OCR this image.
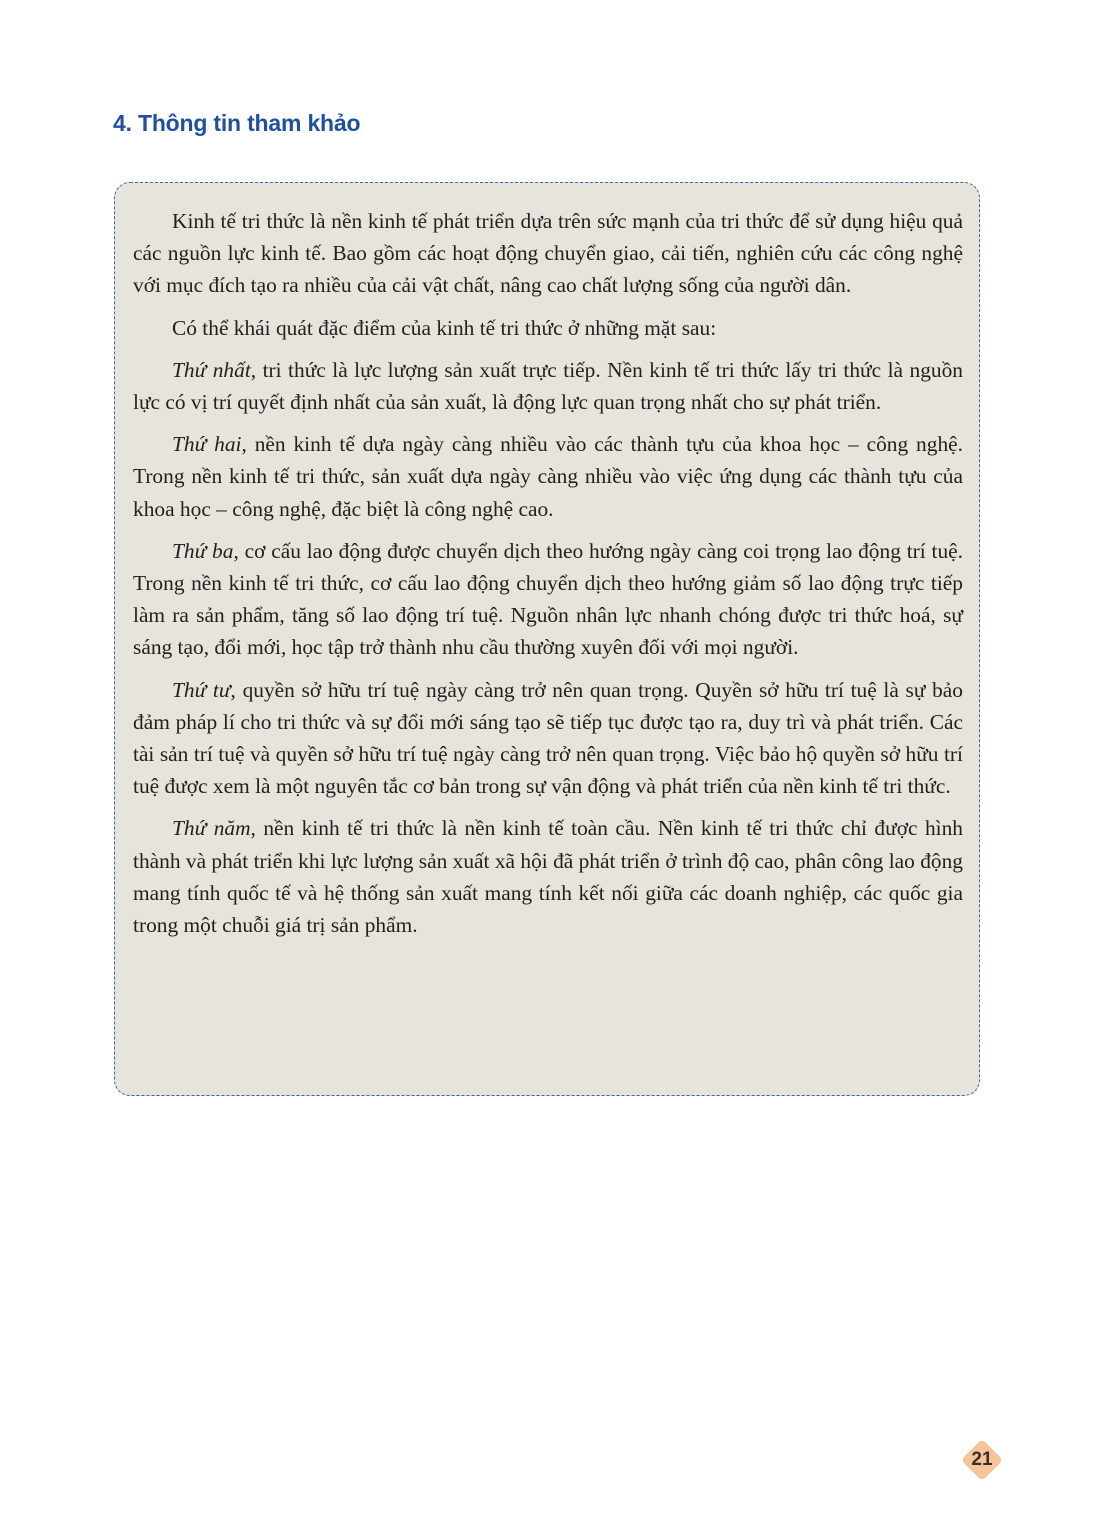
4. Thông tin tham khảo

Kinh tế tri thức là nền kinh tế phát triển dựa trên sức mạnh của tri thức để sử dụng hiệu quả các nguồn lực kinh tế. Bao gồm các hoạt động chuyển giao, cải tiến, nghiên cứu các công nghệ với mục đích tạo ra nhiều của cải vật chất, nâng cao chất lượng sống của người dân.

Có thể khái quát đặc điểm của kinh tế tri thức ở những mặt sau:

Thứ nhất, tri thức là lực lượng sản xuất trực tiếp. Nền kinh tế tri thức lấy tri thức là nguồn lực có vị trí quyết định nhất của sản xuất, là động lực quan trọng nhất cho sự phát triển.

Thứ hai, nền kinh tế dựa ngày càng nhiều vào các thành tựu của khoa học – công nghệ. Trong nền kinh tế tri thức, sản xuất dựa ngày càng nhiều vào việc ứng dụng các thành tựu của khoa học – công nghệ, đặc biệt là công nghệ cao.

Thứ ba, cơ cấu lao động được chuyển dịch theo hướng ngày càng coi trọng lao động trí tuệ. Trong nền kinh tế tri thức, cơ cấu lao động chuyển dịch theo hướng giảm số lao động trực tiếp làm ra sản phẩm, tăng số lao động trí tuệ. Nguồn nhân lực nhanh chóng được tri thức hoá, sự sáng tạo, đổi mới, học tập trở thành nhu cầu thường xuyên đối với mọi người.

Thứ tư, quyền sở hữu trí tuệ ngày càng trở nên quan trọng. Quyền sở hữu trí tuệ là sự bảo đảm pháp lí cho tri thức và sự đổi mới sáng tạo sẽ tiếp tục được tạo ra, duy trì và phát triển. Các tài sản trí tuệ và quyền sở hữu trí tuệ ngày càng trở nên quan trọng. Việc bảo hộ quyền sở hữu trí tuệ được xem là một nguyên tắc cơ bản trong sự vận động và phát triển của nền kinh tế tri thức.

Thứ năm, nền kinh tế tri thức là nền kinh tế toàn cầu. Nền kinh tế tri thức chỉ được hình thành và phát triển khi lực lượng sản xuất xã hội đã phát triển ở trình độ cao, phân công lao động mang tính quốc tế và hệ thống sản xuất mang tính kết nối giữa các doanh nghiệp, các quốc gia trong một chuỗi giá trị sản phẩm.

21
